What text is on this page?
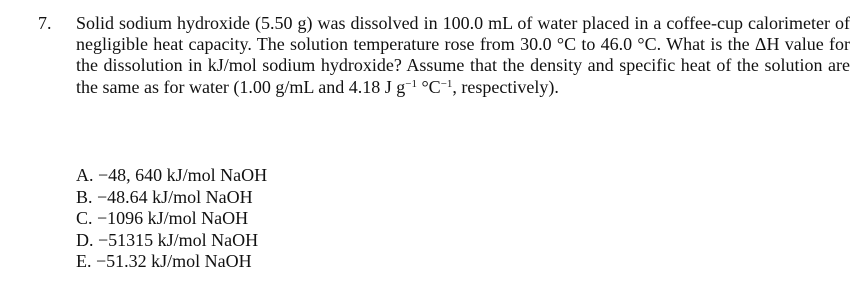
7. Solid sodium hydroxide (5.50 g) was dissolved in 100.0 mL of water placed in a coffee-cup calorimeter of negligible heat capacity. The solution temperature rose from 30.0 °C to 46.0 °C. What is the ΔH value for the dissolution in kJ/mol sodium hydroxide? Assume that the density and specific heat of the solution are the same as for water (1.00 g/mL and 4.18 J $g^{-1}$ $^\circ C^{-1}$, respectively).
A. −48, 640 kJ/mol NaOH
B. −48.64 kJ/mol NaOH
C. −1096 kJ/mol NaOH
D. −51315 kJ/mol NaOH
E. −51.32 kJ/mol NaOH
